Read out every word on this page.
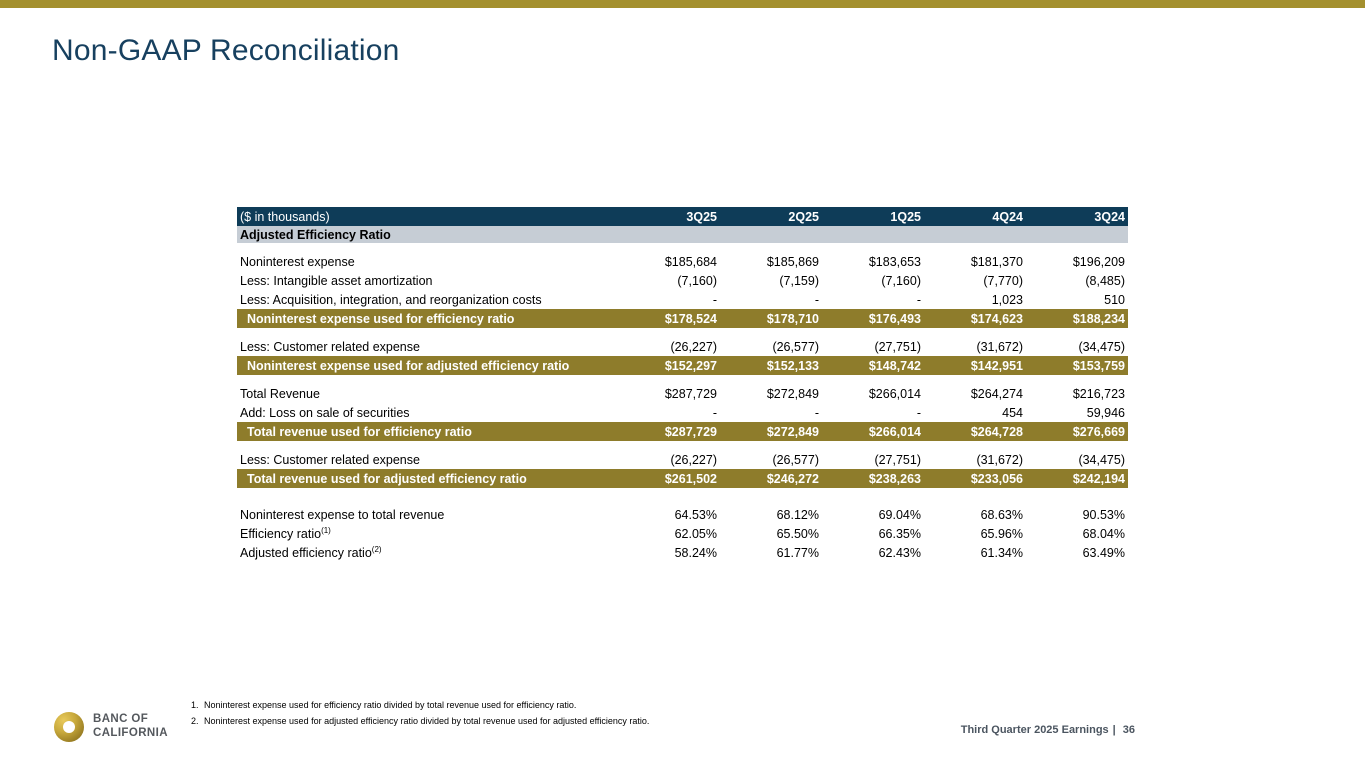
Non-GAAP Reconciliation
($ in thousands)	3Q25	2Q25	1Q25	4Q24	3Q24
Adjusted Efficiency Ratio					

Noninterest expense	$185,684	$185,869	$183,653	$181,370	$196,209
Less: Intangible asset amortization	(7,160)	(7,159)	(7,160)	(7,770)	(8,485)
Less: Acquisition, integration, and reorganization costs	-	-	-	1,023	510
Noninterest expense used for efficiency ratio	$178,524	$178,710	$176,493	$174,623	$188,234

Less: Customer related expense	(26,227)	(26,577)	(27,751)	(31,672)	(34,475)
Noninterest expense used for adjusted efficiency ratio	$152,297	$152,133	$148,742	$142,951	$153,759

Total Revenue	$287,729	$272,849	$266,014	$264,274	$216,723
Add: Loss on sale of securities	-	-	-	454	59,946
Total revenue used for efficiency ratio	$287,729	$272,849	$266,014	$264,728	$276,669

Less: Customer related expense	(26,227)	(26,577)	(27,751)	(31,672)	(34,475)
Total revenue used for adjusted efficiency ratio	$261,502	$246,272	$238,263	$233,056	$242,194

Noninterest expense to total revenue	64.53%	68.12%	69.04%	68.63%	90.53%
Efficiency ratio$^{(1)}$	62.05%	65.50%	66.35%	65.96%	68.04%
Adjusted efficiency ratio$^{(2)}$	58.24%	61.77%	62.43%	61.34%	63.49%
1. Noninterest expense used for efficiency ratio divided by total revenue used for efficiency ratio.
2. Noninterest expense used for adjusted efficiency ratio divided by total revenue used for adjusted efficiency ratio.
BANC OF
CALIFORNIA	Third Quarter 2025 Earnings | 36
